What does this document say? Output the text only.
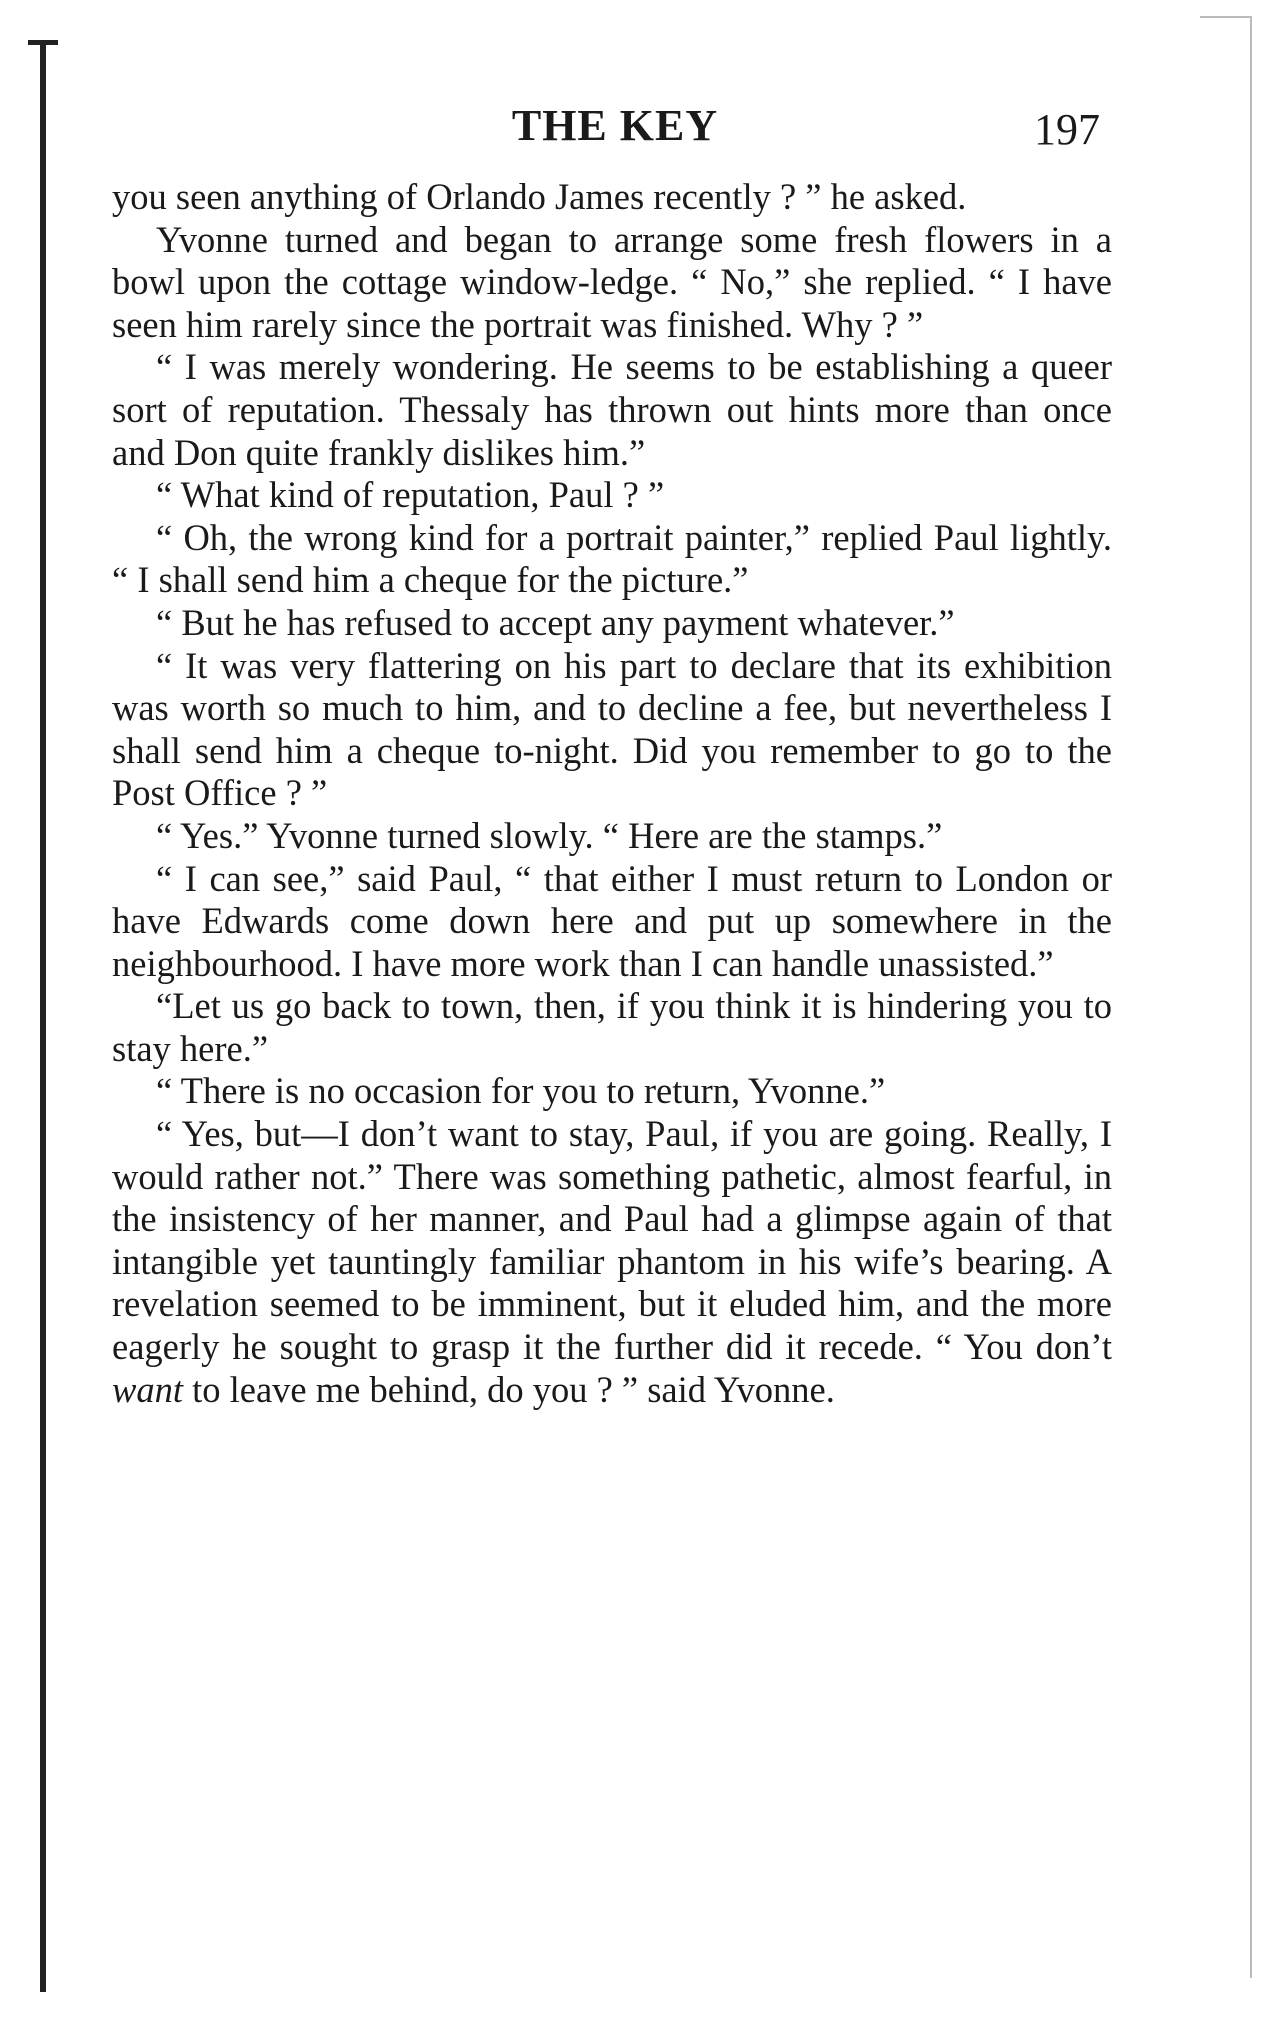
THE KEY	197

you seen anything of Orlando James recently ? ” he asked.

Yvonne turned and began to arrange some fresh flowers in a bowl upon the cottage window-ledge. “ No,” she replied. “ I have seen him rarely since the portrait was finished. Why ? ”

“ I was merely wondering. He seems to be establishing a queer sort of reputation. Thessaly has thrown out hints more than once and Don quite frankly dislikes him.”

“ What kind of reputation, Paul ? ”

“ Oh, the wrong kind for a portrait painter,” replied Paul lightly. “ I shall send him a cheque for the picture.”

“ But he has refused to accept any payment whatever.”

“ It was very flattering on his part to declare that its exhibition was worth so much to him, and to decline a fee, but nevertheless I shall send him a cheque to-night. Did you remember to go to the Post Office ? ”

“ Yes.” Yvonne turned slowly. “ Here are the stamps.”

“ I can see,” said Paul, “ that either I must return to London or have Edwards come down here and put up somewhere in the neighbourhood. I have more work than I can handle unassisted.”

“Let us go back to town, then, if you think it is hindering you to stay here.”

“ There is no occasion for you to return, Yvonne.”

“ Yes, but—I don’t want to stay, Paul, if you are going. Really, I would rather not.” There was something pathetic, almost fearful, in the insistency of her manner, and Paul had a glimpse again of that intangible yet tauntingly familiar phantom in his wife’s bearing. A revelation seemed to be imminent, but it eluded him, and the more eagerly he sought to grasp it the further did it recede. “ You don’t want to leave me behind, do you ? ” said Yvonne.
